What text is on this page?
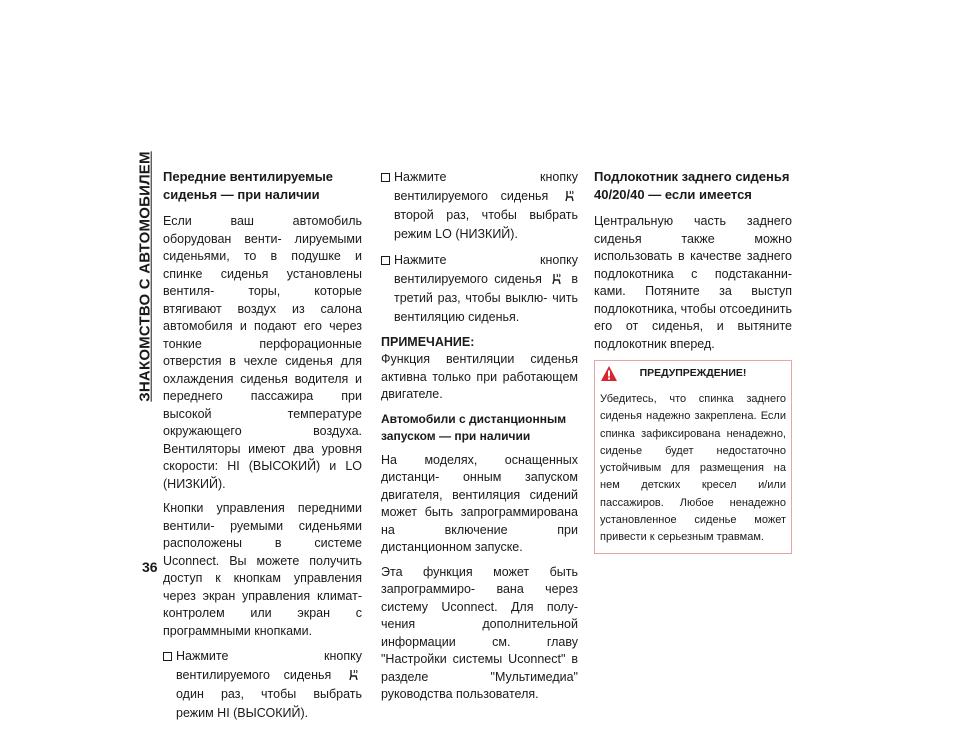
ЗНАКОМСТВО С АВТОМОБИЛЕМ
36
Передние вентилируемые сиденья — при наличии

Если ваш автомобиль оборудован венти- лируемыми сиденьями, то в подушке и спинке сиденья установлены вентиля- торы, которые втягивают воздух из салона автомобиля и подают его через тонкие перфорационные отверстия в чехле сиденья для охлаждения сиденья водителя и переднего пассажира при высокой температуре окружающего воздуха. Вентиляторы имеют два уровня скорости: HI (ВЫСОКИЙ) и LO (НИЗКИЙ).

Кнопки управления передними вентили- руемыми сиденьями расположены в системе Uconnect. Вы можете получить доступ к кнопкам управления через экран управления климат-контролем или экран с программными кнопками.

Нажмите кнопку вентилируемого сиденья  один раз, чтобы выбрать режим HI (ВЫСОКИЙ).
Нажмите кнопку вентилируемого сиденья  второй раз, чтобы выбрать режим LO (НИЗКИЙ).
Нажмите кнопку вентилируемого сиденья в третий раз, чтобы выклю- чить вентиляцию сиденья.
ПРИМЕЧАНИЕ:

Функция вентиляции сиденья активна только при работающем двигателе.

Автомобили с дистанционным запуском — при наличии

На моделях, оснащенных дистанци- онным запуском двигателя, вентиляция сидений может быть запрограммирована на включение при дистанционном запуске.

Эта функция может быть запрограммиро- вана через систему Uconnect. Для полу- чения дополнительной информации см. главу "Настройки системы Uconnect" в разделе "Мультимедиа" руководства пользователя.

Подлокотник заднего сиденья 40/20/40 — если имеется

Центральную часть заднего сиденья также можно использовать в качестве заднего подлокотника с подстаканни- ками. Потяните за выступ подлокотника, чтобы отсоединить его от сиденья, и вытяните подлокотник вперед.

ПРЕДУПРЕЖДЕНИЕ!
Убедитесь, что спинка заднего сиденья надежно закреплена. Если спинка зафиксирована ненадежно, сиденье будет недостаточно устойчивым для размещения на нем детских кресел и/или пассажиров. Любое ненадежно установленное сиденье может привести к серьезным травмам.
